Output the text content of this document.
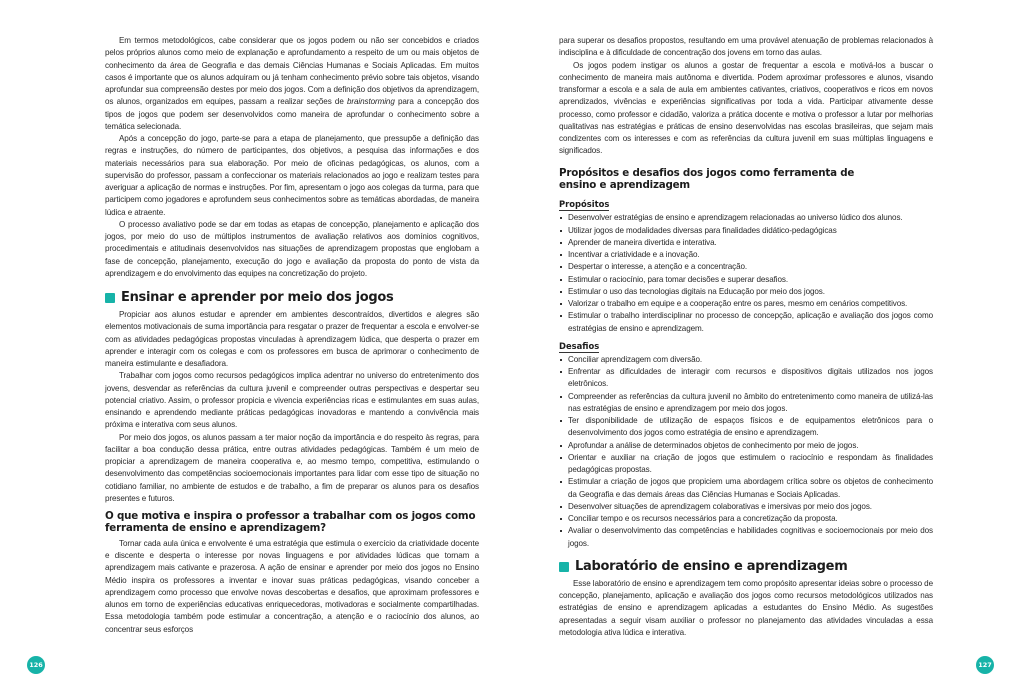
Em termos metodológicos, cabe considerar que os jogos podem ou não ser concebidos e criados pelos próprios alunos como meio de explanação e aprofundamento a respeito de um ou mais objetos de conhecimento da área de Geografia e das demais Ciências Humanas e Sociais Aplicadas. Em muitos casos é importante que os alunos adquiram ou já tenham conhecimento prévio sobre tais objetos, visando aprofundar sua compreensão destes por meio dos jogos. Com a definição dos objetivos da aprendizagem, os alunos, organizados em equipes, passam a realizar seções de brainstorming para a concepção dos tipos de jogos que podem ser desenvolvidos como maneira de aprofundar o conhecimento sobre a temática selecionada.

Após a concepção do jogo, parte-se para a etapa de planejamento, que pressupõe a definição das regras e instruções, do número de participantes, dos objetivos, a pesquisa das informações e dos materiais necessários para sua elaboração. Por meio de oficinas pedagógicas, os alunos, com a supervisão do professor, passam a confeccionar os materiais relacionados ao jogo e realizam testes para averiguar a aplicação de normas e instruções. Por fim, apresentam o jogo aos colegas da turma, para que participem como jogadores e aprofundem seus conhecimentos sobre as temáticas abordadas, de maneira lúdica e atraente.

O processo avaliativo pode se dar em todas as etapas de concepção, planejamento e aplicação dos jogos, por meio do uso de múltiplos instrumentos de avaliação relativos aos domínios cognitivos, procedimentais e atitudinais desenvolvidos nas situações de aprendizagem propostas que englobam a fase de concepção, planejamento, execução do jogo e avaliação da proposta do ponto de vista da aprendizagem e do envolvimento das equipes na concretização do projeto.

Ensinar e aprender por meio dos jogos

Propiciar aos alunos estudar e aprender em ambientes descontraídos, divertidos e alegres são elementos motivacionais de suma importância para resgatar o prazer de frequentar a escola e envolver-se com as atividades pedagógicas propostas vinculadas à aprendizagem lúdica, que desperta o prazer em aprender e interagir com os colegas e com os professores em busca de aprimorar o conhecimento de maneira estimulante e desafiadora.

Trabalhar com jogos como recursos pedagógicos implica adentrar no universo do entretenimento dos jovens, desvendar as referências da cultura juvenil e compreender outras perspectivas e despertar seu potencial criativo. Assim, o professor propicia e vivencia experiências ricas e estimulantes em suas aulas, ensinando e aprendendo mediante práticas pedagógicas inovadoras e mantendo a convivência mais próxima e interativa com seus alunos.

Por meio dos jogos, os alunos passam a ter maior noção da importância e do respeito às regras, para facilitar a boa condução dessa prática, entre outras atividades pedagógicas. Também é um meio de propiciar a aprendizagem de maneira cooperativa e, ao mesmo tempo, competitiva, estimulando o desenvolvimento das competências socioemocionais importantes para lidar com esse tipo de situação no cotidiano familiar, no ambiente de estudos e de trabalho, a fim de preparar os alunos para os desafios presentes e futuros.

O que motiva e inspira o professor a trabalhar com os jogos como ferramenta de ensino e aprendizagem?

Tornar cada aula única e envolvente é uma estratégia que estimula o exercício da criatividade docente e discente e desperta o interesse por novas linguagens e por atividades lúdicas que tornam a aprendizagem mais cativante e prazerosa. A ação de ensinar e aprender por meio dos jogos no Ensino Médio inspira os professores a inventar e inovar suas práticas pedagógicas, visando conceber a aprendizagem como processo que envolve novas descobertas e desafios, que aproximam professores e alunos em torno de experiências educativas enriquecedoras, motivadoras e socialmente compartilhadas. Essa metodologia também pode estimular a concentração, a atenção e o raciocínio dos alunos, ao concentrar seus esforços

126

para superar os desafios propostos, resultando em uma provável atenuação de problemas relacionados à indisciplina e à dificuldade de concentração dos jovens em torno das aulas.

Os jogos podem instigar os alunos a gostar de frequentar a escola e motivá-los a buscar o conhecimento de maneira mais autônoma e divertida. Podem aproximar professores e alunos, visando transformar a escola e a sala de aula em ambientes cativantes, criativos, cooperativos e ricos em novos aprendizados, vivências e experiências significativas por toda a vida. Participar ativamente desse processo, como professor e cidadão, valoriza a prática docente e motiva o professor a lutar por melhorias qualitativas nas estratégias e práticas de ensino desenvolvidas nas escolas brasileiras, que sejam mais condizentes com os interesses e com as referências da cultura juvenil em suas múltiplas linguagens e significados.

Propósitos e desafios dos jogos como ferramenta de ensino e aprendizagem
Propósitos
Desenvolver estratégias de ensino e aprendizagem relacionadas ao universo lúdico dos alunos.
Utilizar jogos de modalidades diversas para finalidades didático-pedagógicas
Aprender de maneira divertida e interativa.
Incentivar a criatividade e a inovação.
Despertar o interesse, a atenção e a concentração.
Estimular o raciocínio, para tomar decisões e superar desafios.
Estimular o uso das tecnologias digitais na Educação por meio dos jogos.
Valorizar o trabalho em equipe e a cooperação entre os pares, mesmo em cenários competitivos.
Estimular o trabalho interdisciplinar no processo de concepção, aplicação e avaliação dos jogos como estratégias de ensino e aprendizagem.
Desafios
Conciliar aprendizagem com diversão.
Enfrentar as dificuldades de interagir com recursos e dispositivos digitais utilizados nos jogos eletrônicos.
Compreender as referências da cultura juvenil no âmbito do entretenimento como maneira de utilizá-las nas estratégias de ensino e aprendizagem por meio dos jogos.
Ter disponibilidade de utilização de espaços físicos e de equipamentos eletrônicos para o desenvolvimento dos jogos como estratégia de ensino e aprendizagem.
Aprofundar a análise de determinados objetos de conhecimento por meio de jogos.
Orientar e auxiliar na criação de jogos que estimulem o raciocínio e respondam às finalidades pedagógicas propostas.
Estimular a criação de jogos que propiciem uma abordagem crítica sobre os objetos de conhecimento da Geografia e das demais áreas das Ciências Humanas e Sociais Aplicadas.
Desenvolver situações de aprendizagem colaborativas e imersivas por meio dos jogos.
Conciliar tempo e os recursos necessários para a concretização da proposta.
Avaliar o desenvolvimento das competências e habilidades cognitivas e socioemocionais por meio dos jogos.
Laboratório de ensino e aprendizagem

Esse laboratório de ensino e aprendizagem tem como propósito apresentar ideias sobre o processo de concepção, planejamento, aplicação e avaliação dos jogos como recursos metodológicos utilizados nas estratégias de ensino e aprendizagem aplicadas a estudantes do Ensino Médio. As sugestões apresentadas a seguir visam auxiliar o professor no planejamento das atividades vinculadas a essa metodologia ativa lúdica e interativa.

127
